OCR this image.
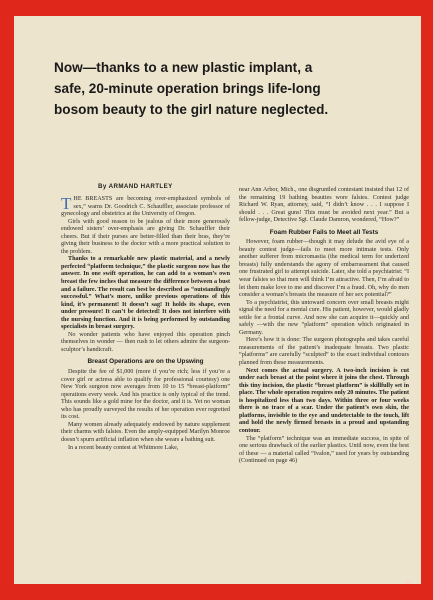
Now—thanks to a new plastic implant, a
safe, 20-minute operation brings life-long
bosom beauty to the girl nature neglected.
By ARMAND HARTLEY

THE BREASTS are becoming over-emphasized symbols of sex,” warns Dr. Goodrich C. Schauffler, associate professor of gynecology and obstetrics at the University of Oregon.

Girls with good reason to be jealous of their more generously endowed sisters’ over-emphasis are giving Dr. Schauffler their cheers. But if their purses are better-filled than their bras, they’re giving their business to the doctor with a more practical solution to the problem.

Thanks to a remarkable new plastic material, and a newly perfected “platform technique,” the plastic surgeon now has the answer. In one swift operation, he can add to a woman’s own breast the few inches that measure the difference between a bust and a failure. The result can best be described as “outstandingly successful.” What’s more, unlike previous operations of this kind, it’s permanent! It doesn’t sag! It holds its shape, even under pressure! It can’t be detected! It does not interfere with the nursing function. And it is being performed by outstanding specialists in breast surgery.

No wonder patients who have enjoyed this operation pinch themselves in wonder — then rush to let others admire the surgeon-sculptor’s handicraft.

Breast Operations are on the Upswing

Despite the fee of $1,000 (more if you’re rich; less if you’re a cover girl or actress able to qualify for professional courtesy) one New York surgeon now averages from 10 to 15 “breast-platform” operations every week. And his practice is only typical of the trend. This sounds like a gold mine for the doctor, and it is. Yet no woman who has proudly surveyed the results of her operation ever regretted its cost.

Many women already adequately endowed by nature supplement their charms with falsies. Even the amply-equipped Marilyn Monroe doesn’t spurn artificial inflation when she wears a bathing suit.

In a recent beauty contest at Whitmore Lake,

near Ann Arbor, Mich., one disgruntled contestant insisted that 12 of the remaining 19 bathing beauties wore falsies. Contest judge Richard W. Ryan, attorney, said, “I didn’t know . . . I suppose I should . . . Great guns! This must be avoided next year.” But a fellow-judge, Detective Sgt. Claude Damron, wondered, “How?”

Foam Rubber Fails to Meet all Tests

However, foam rubber—though it may delude the avid eye of a beauty contest judge—fails to meet more intimate tests. Only another sufferer from micromastia (the medical term for underized breasts) fully understands the agony of embarrassment that caused one frustrated girl to attempt suicide. Later, she told a psychiatrist: “I wear falsies so that men will think I’m attractive. Then, I’m afraid to let them make love to me and discover I’m a fraud. Oh, why do men consider a woman’s breasts the measure of her sex potential?”

To a psychiatrist, this untoward concern over small breasts might signal the need for a mental cure. His patient, however, would gladly settle for a frontal curve. And now she can acquire it—quickly and safely —with the new “platform” operation which originated in Germany.

Here’s how it is done: The surgeon photographs and takes careful measurements of the patient’s inadequate breasts. Two plastic “platforms” are carefully “sculpted” to the exact individual contours planned from these measurements.

Next comes the actual surgery. A two-inch incision is cut under each breast at the point where it joins the chest. Through this tiny incision, the plastic “breast platform” is skillfully set in place. The whole operation requires only 20 minutes. The patient is hospitalized less than two days. Within three or four weeks there is no trace of a scar. Under the patient’s own skin, the platforms, invisible to the eye and undetectable to the touch, lift and hold the newly firmed breasts in a proud and upstanding contour.

The “platform” technique was an immediate success, in spite of one serious drawback of the earlier plastics. Until now, even the best of these — a material called “Ivalon,” used for years by outstanding (Continued on page 46)

19
